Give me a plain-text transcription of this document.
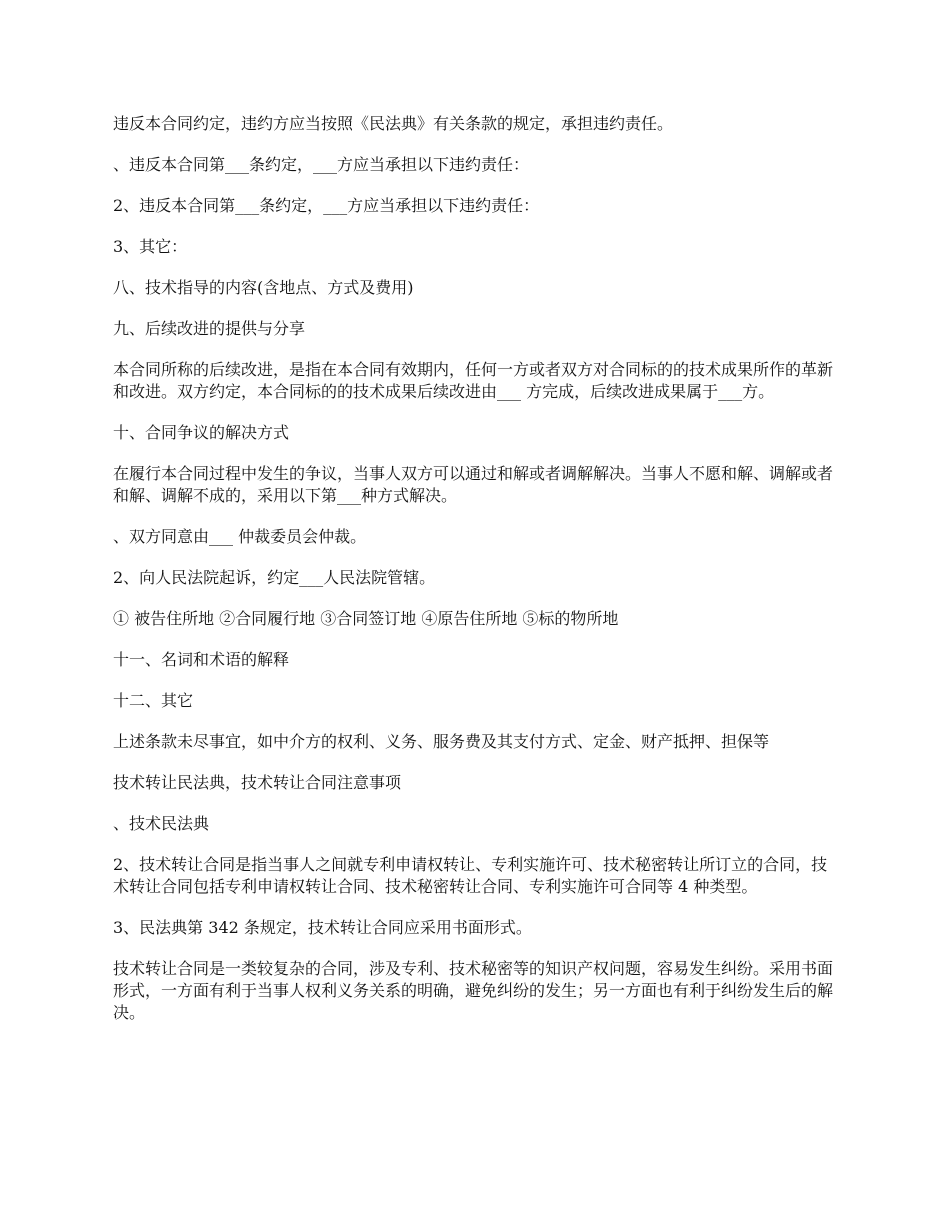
违反本合同约定，违约方应当按照《民法典》有关条款的规定，承担违约责任。

、违反本合同第___条约定，___方应当承担以下违约责任：

2、违反本合同第___条约定，___方应当承担以下违约责任：

3、其它：

八、技术指导的内容(含地点、方式及费用)

九、后续改进的提供与分享

本合同所称的后续改进，是指在本合同有效期内，任何一方或者双方对合同标的的技术成果所作的革新和改进。双方约定，本合同标的的技术成果后续改进由___ 方完成，后续改进成果属于___方。

十、合同争议的解决方式

在履行本合同过程中发生的争议，当事人双方可以通过和解或者调解解决。当事人不愿和解、调解或者和解、调解不成的，采用以下第___种方式解决。

、双方同意由___ 仲裁委员会仲裁。

2、向人民法院起诉，约定___人民法院管辖。

① 被告住所地 ②合同履行地 ③合同签订地 ④原告住所地 ⑤标的物所地

十一、名词和术语的解释

十二、其它

上述条款未尽事宜，如中介方的权利、义务、服务费及其支付方式、定金、财产抵押、担保等

技术转让民法典，技术转让合同注意事项

、技术民法典

2、技术转让合同是指当事人之间就专利申请权转让、专利实施许可、技术秘密转让所订立的合同，技术转让合同包括专利申请权转让合同、技术秘密转让合同、专利实施许可合同等 4 种类型。

3、民法典第 342 条规定，技术转让合同应采用书面形式。

技术转让合同是一类较复杂的合同，涉及专利、技术秘密等的知识产权问题，容易发生纠纷。采用书面形式，一方面有利于当事人权利义务关系的明确，避免纠纷的发生；另一方面也有利于纠纷发生后的解决。
